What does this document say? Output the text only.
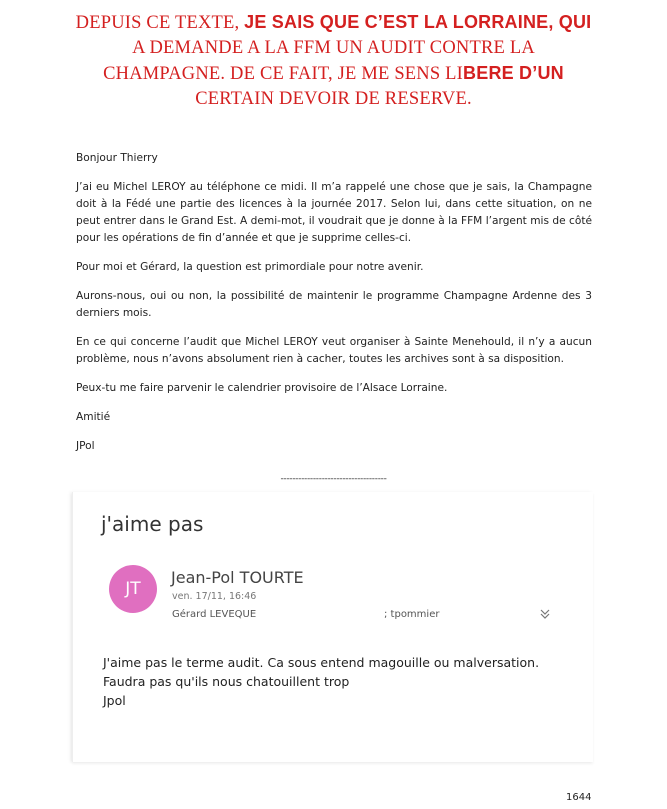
DEPUIS CE TEXTE, JE SAIS QUE C’EST LA LORRAINE, QUI
A DEMANDE A LA FFM UN AUDIT CONTRE LA
CHAMPAGNE. DE CE FAIT, JE ME SENS LIBERE D’UN
CERTAIN DEVOIR DE RESERVE.

Bonjour Thierry

J’ai eu Michel LEROY au téléphone ce midi. Il m’a rappelé une chose que je sais, la Champagne doit à la Fédé une partie des licences à la journée 2017. Selon lui, dans cette situation, on ne peut entrer dans le Grand Est. A demi-mot, il voudrait que je donne à la FFM l’argent mis de côté pour les opérations de fin d’année et que je supprime celles-ci.

Pour moi et Gérard, la question est primordiale pour notre avenir.

Aurons-nous, oui ou non, la possibilité de maintenir le programme Champagne Ardenne des 3 derniers mois.

En ce qui concerne l’audit que Michel LEROY veut organiser à Sainte Menehould, il n’y a aucun problème, nous n’avons absolument rien à cacher, toutes les archives sont à sa disposition.

Peux-tu me faire parvenir le calendrier provisoire de l’Alsace Lorraine.

Amitié

JPol

------------------------------------
j'aime pas
JT
Jean-Pol TOURTE
ven. 17/11, 16:46
Gérard LEVEQUE	; tpommier
J'aime pas le terme audit. Ca sous entend magouille ou malversation.
Faudra pas qu'ils nous chatouillent trop
Jpol
1644
